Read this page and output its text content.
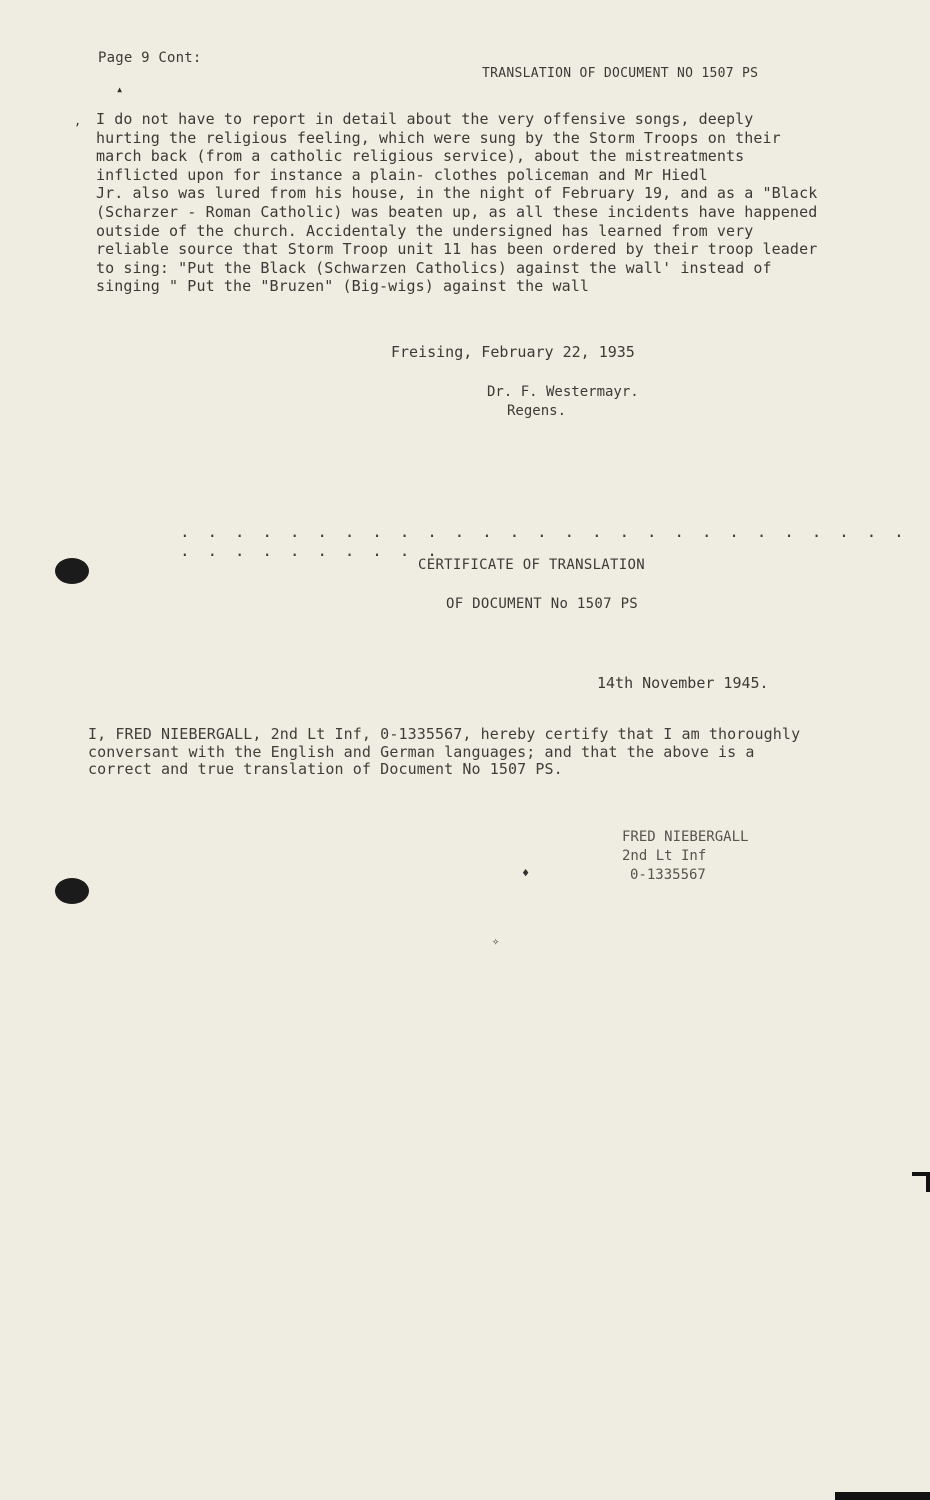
Page 9 Cont:
TRANSLATION OF DOCUMENT NO 1507 PS
I do not have to report in detail about the very offensive songs, deeply
hurting the religious feeling, which were sung by the Storm Troops on their
march back (from a catholic religious service), about the mistreatments
inflicted upon for instance a plain- clothes policeman and Mr Hiedl
Jr. also was lured from his house, in the night of February 19, and as a "Black
(Scharzer - Roman Catholic) was beaten up, as all these incidents have happened
outside of the church. Accidentaly the undersigned has learned from very
reliable source that Storm Troop unit 11 has been ordered by their troop leader
to sing: "Put the Black (Schwarzen Catholics) against the wall' instead of
singing " Put the "Bruzen" (Big-wigs) against the wall
Freising, February 22, 1935
Dr. F. Westermayr.
Regens.
. . . . . . . . . . . . . . . . . . . . . . . . . . . . . . . . . . . . .
CERTIFICATE OF TRANSLATION
OF DOCUMENT No 1507 PS
14th November 1945.
I, FRED NIEBERGALL, 2nd Lt Inf, 0-1335567, hereby certify that I am thoroughly
conversant with the English and German languages; and that the above is a
correct and true translation of Document No 1507 PS.
FRED NIEBERGALL
2nd Lt Inf
0-1335567
▴
,
♦
✧
